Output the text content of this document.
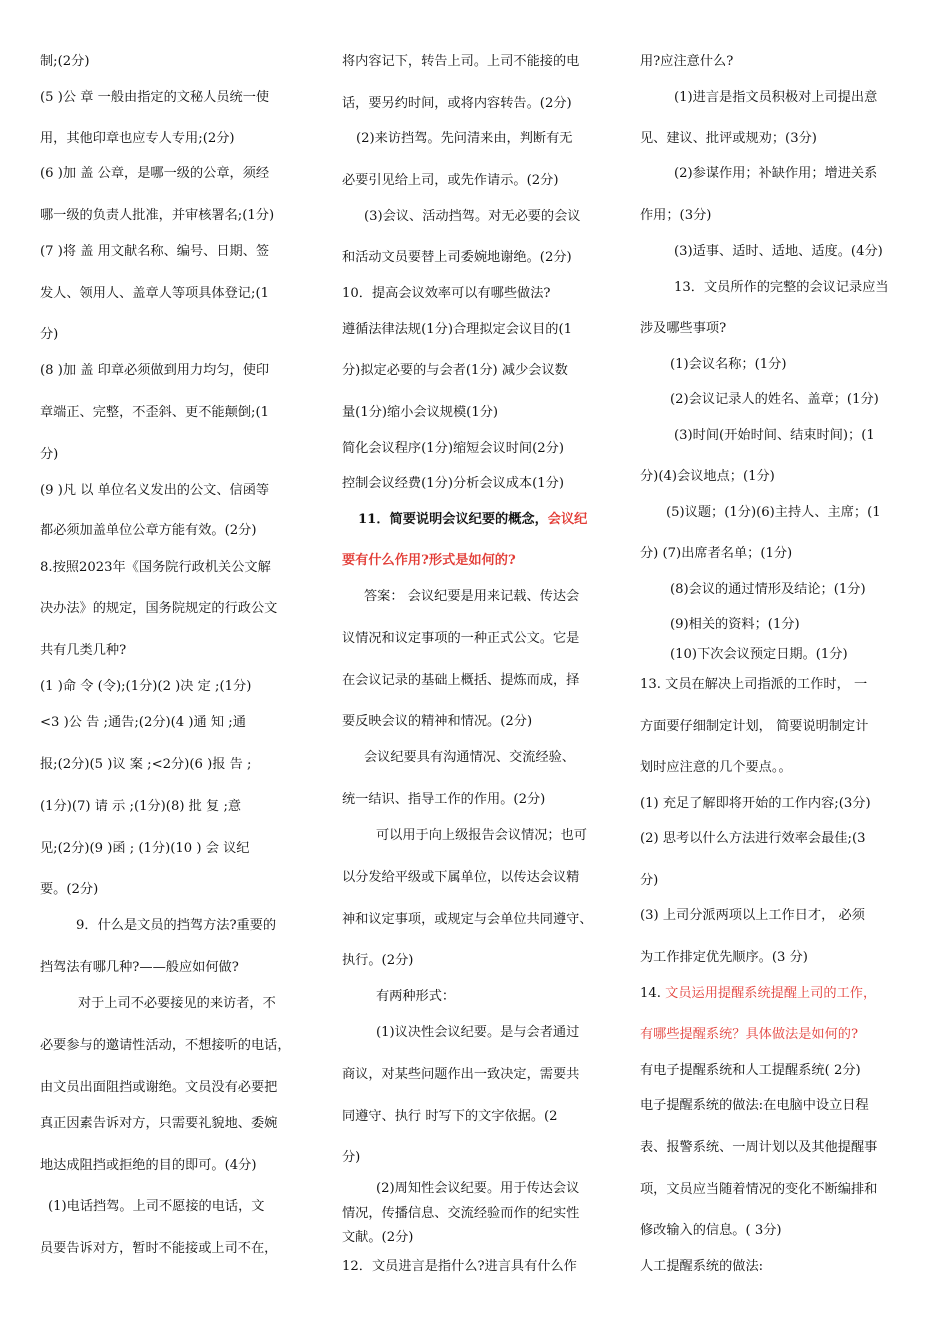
制;(2分)
(5 )公 章 一般由指定的文秘人员统一使
用，其他印章也应专人专用;(2分)
(6 )加 盖 公章，是哪一级的公章，须经
哪一级的负责人批准，并审核署名;(1分)
(7 )将 盖 用文献名称、编号、日期、签
发人、领用人、盖章人等项具体登记;(1
分)
(8 )加 盖 印章必须做到用力均匀，使印
章端正、完整，不歪斜、更不能颠倒;(1
分)
(9 )凡 以 单位名义发出的公文、信函等
都必须加盖单位公章方能有效。(2分)
8.按照2023年《国务院行政机关公文解
决办法》的规定，国务院规定的行政公文
共有几类几种?
(1 )命 令 (令);(1分)(2 )决 定 ;(1分)
<3 )公 告 ;通告;(2分)(4 )通 知 ;通
报;(2分)(5 )议 案 ;<2分)(6 )报 告 ;
(1分)(7) 请 示 ;(1分)(8) 批 复 ;意
见;(2分)(9 )函 ; (1分)(10 ) 会 议纪
要。(2分)
9．什么是文员的挡驾方法?重要的
挡驾法有哪几种?——般应如何做?
对于上司不必要接见的来访者，不
必要参与的邀请性活动，不想接听的电话，
由文员出面阻挡或谢绝。文员没有必要把
真正因素告诉对方，只需要礼貌地、委婉
地达成阻挡或拒绝的目的即可。(4分)
(1)电话挡驾。上司不愿接的电话，文
员要告诉对方，暂时不能接或上司不在，
将内容记下，转告上司。上司不能接的电
话，要另约时间，或将内容转告。(2分)
(2)来访挡驾。先问清来由，判断有无
必要引见给上司，或先作请示。(2分)
(3)会议、活动挡驾。对无必要的会议
和活动文员要替上司委婉地谢绝。(2分)
10．提高会议效率可以有哪些做法?
遵循法律法规(1分)合理拟定会议目的(1
分)拟定必要的与会者(1分) 减少会议数
量(1分)缩小会议规模(1分)
简化会议程序(1分)缩短会议时间(2分)
控制会议经费(1分)分析会议成本(1分)
11．简要说明会议纪要的概念，会议纪
要有什么作用?形式是如何的?
答案： 会议纪要是用来记载、传达会
议情况和议定事项的一种正式公文。它是
在会议记录的基础上概括、提炼而成，择
要反映会议的精神和情况。(2分)
会议纪要具有沟通情况、交流经验、
统一结识、指导工作的作用。(2分)
可以用于向上级报告会议情况；也可
以分发给平级或下属单位，以传达会议精
神和议定事项，或规定与会单位共同遵守、
执行。(2分)
有两种形式：
(1)议决性会议纪要。是与会者通过
商议，对某些问题作出一致决定，需要共
同遵守、执行 时写下的文字依据。(2
分)
(2)周知性会议纪要。用于传达会议
情况，传播信息、交流经验而作的纪实性
文献。(2分)
12．文员进言是指什么?进言具有什么作
用?应注意什么?
(1)进言是指文员积极对上司提出意
见、建议、批评或规劝；(3分)
(2)参谋作用；补缺作用；增进关系
作用；(3分)
(3)适事、适时、适地、适度。(4分)
13．文员所作的完整的会议记录应当
涉及哪些事项?
(1)会议名称；(1分)
(2)会议记录人的姓名、盖章；(1分)
(3)时间(开始时间、结束时间)；(1
分)(4)会议地点；(1分)
(5)议题；(1分)(6)主持人、主席；(1
分) (7)出席者名单；(1分)
(8)会议的通过情形及结论；(1分)
(9)相关的资料；(1分)
(10)下次会议预定日期。(1分)
13. 文员在解决上司指派的工作时， 一
方面要仔细制定计划， 简要说明制定计
划时应注意的几个要点。。
(1) 充足了解即将开始的工作内容;(3分)
(2) 思考以什么方法进行效率会最佳;(3
分)
(3) 上司分派两项以上工作日才， 必须
为工作排定优先顺序。(3 分)
14. 文员运用提醒系统提醒上司的工作，
有哪些提醒系统？具体做法是如何的?
有电子提醒系统和人工提醒系统( 2分)
电子提醒系统的做法:在电脑中设立日程
表、报警系统、一周计划以及其他提醒事
项，文员应当随着情况的变化不断编排和
修改输入的信息。( 3分)
人工提醒系统的做法:
